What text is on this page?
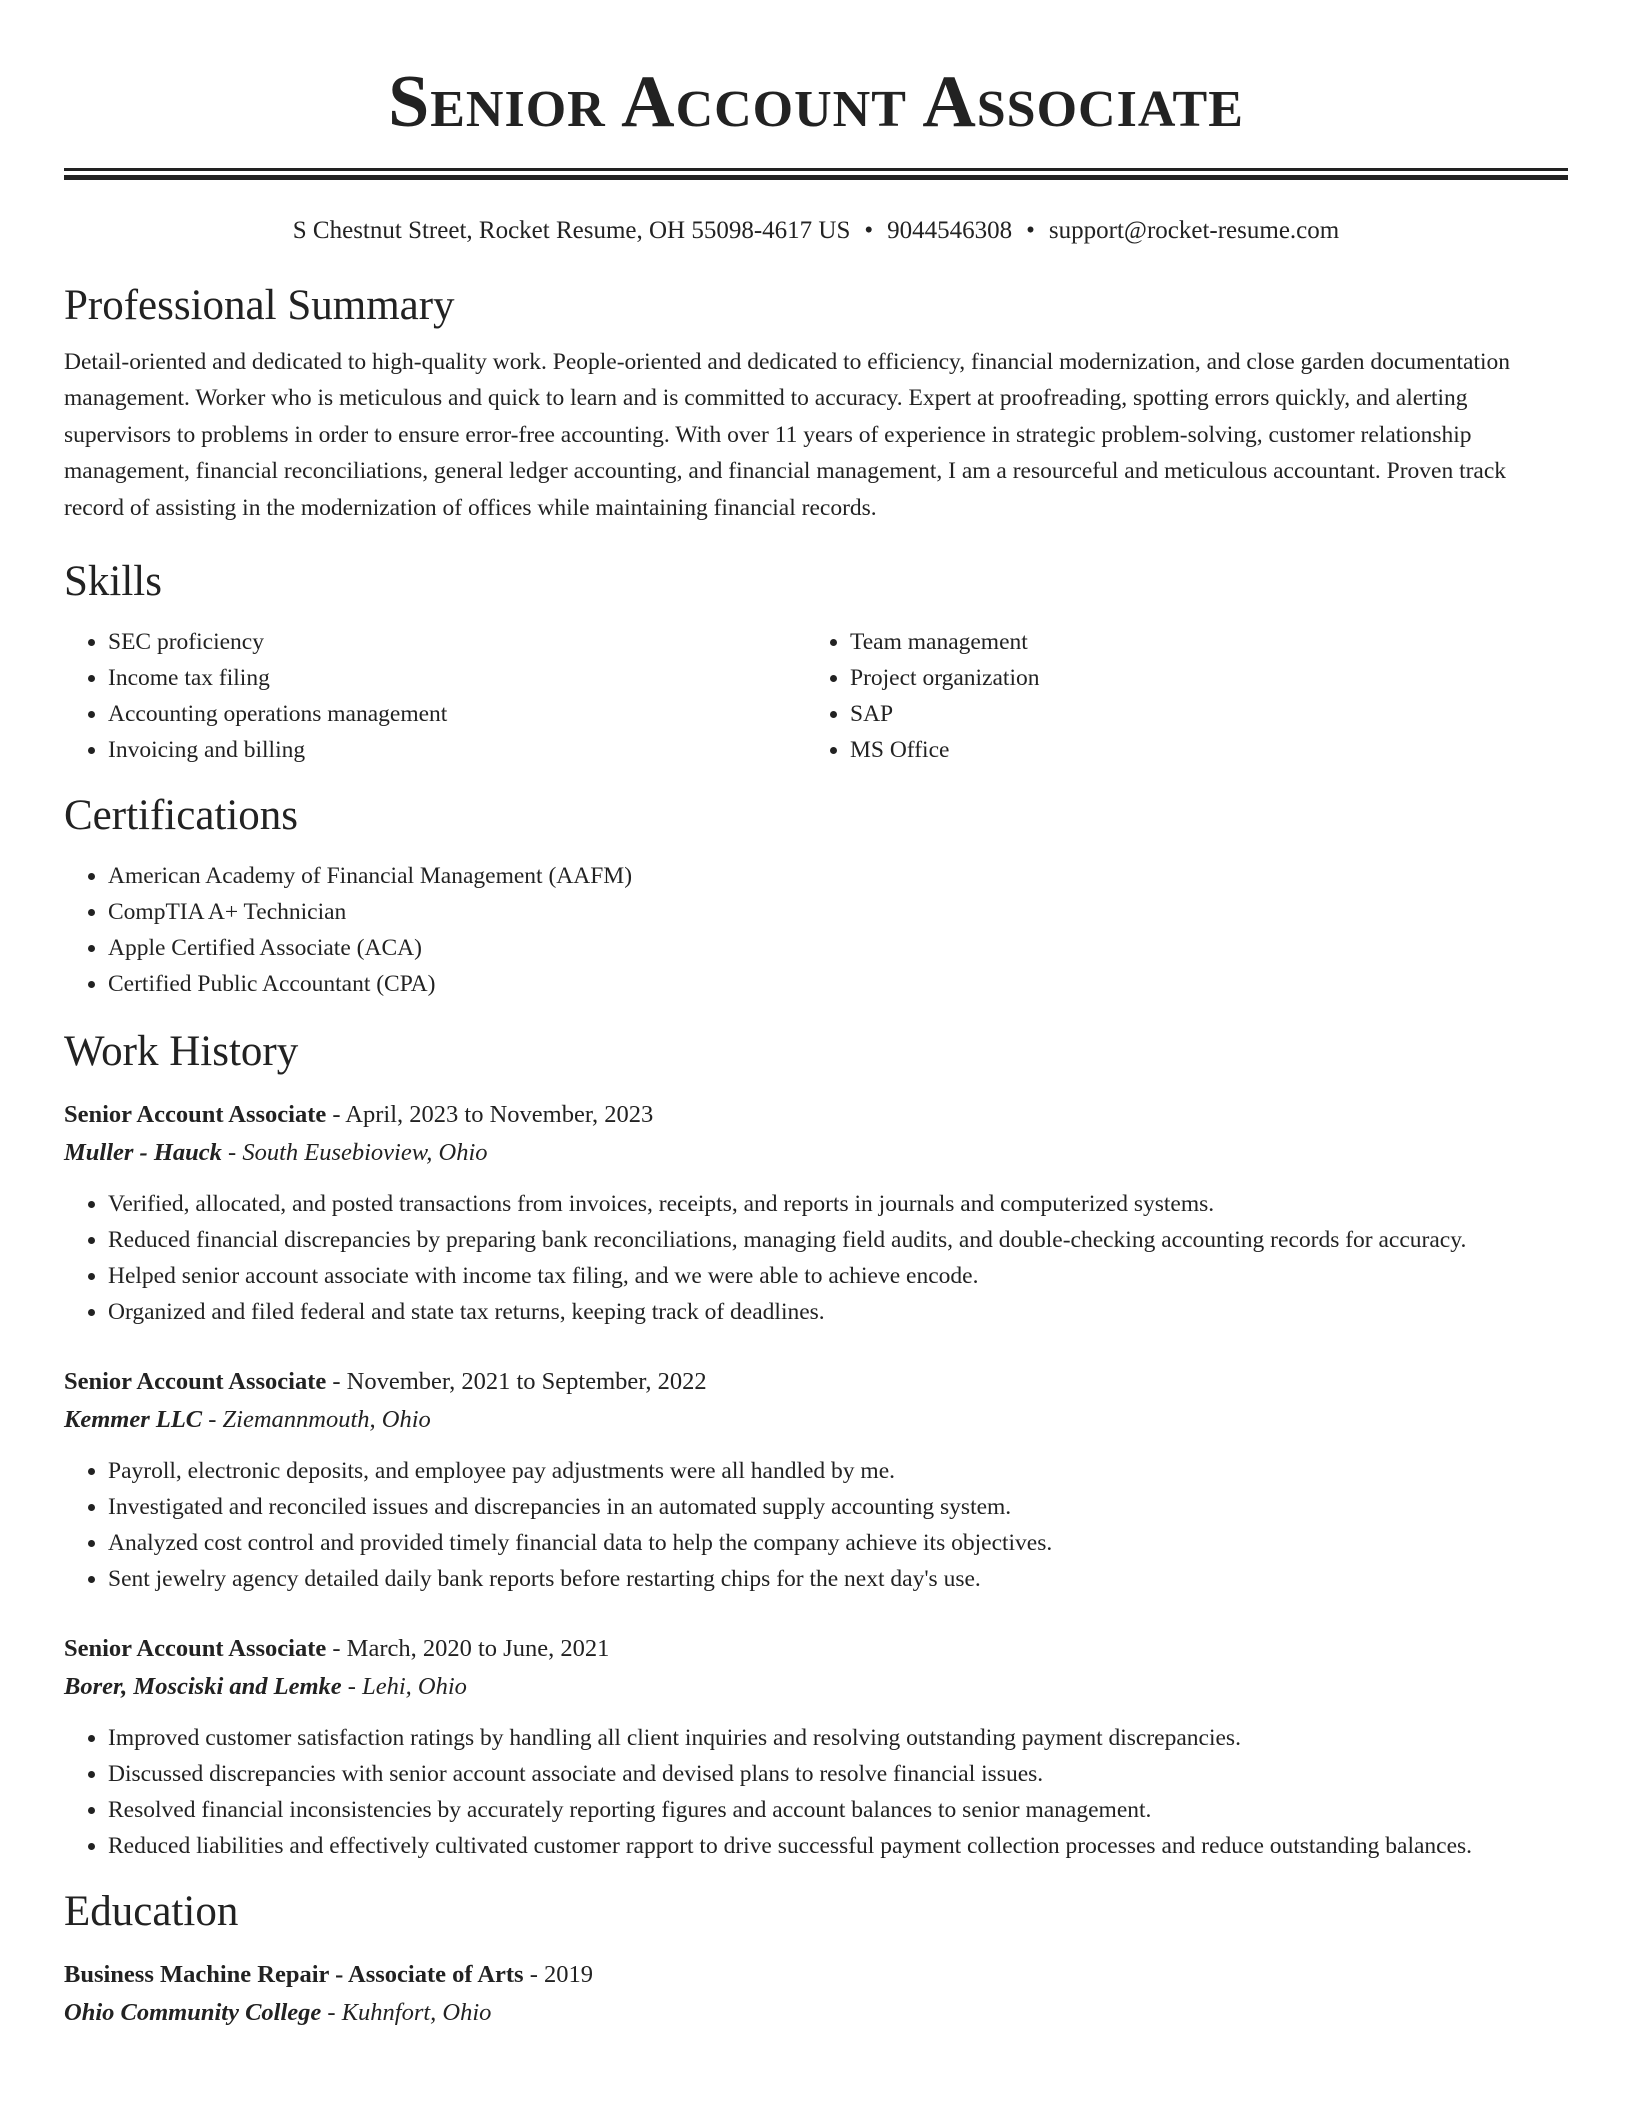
Senior Account Associate
S Chestnut Street, Rocket Resume, OH 55098-4617 US • 9044546308 • support@rocket-resume.com
Professional Summary

Detail-oriented and dedicated to high-quality work. People-oriented and dedicated to efficiency, financial modernization, and close garden documentation management. Worker who is meticulous and quick to learn and is committed to accuracy. Expert at proofreading, spotting errors quickly, and alerting supervisors to problems in order to ensure error-free accounting. With over 11 years of experience in strategic problem-solving, customer relationship management, financial reconciliations, general ledger accounting, and financial management, I am a resourceful and meticulous accountant. Proven track record of assisting in the modernization of offices while maintaining financial records.

Skills
• SEC proficiency
• Income tax filing
• Accounting operations management
• Invoicing and billing
• Team management
• Project organization
• SAP
• MS Office
Certifications
• American Academy of Financial Management (AAFM)
• CompTIA A+ Technician
• Apple Certified Associate (ACA)
• Certified Public Accountant (CPA)
Work History
Senior Account Associate - April, 2023 to November, 2023
Muller - Hauck - South Eusebioview, Ohio
• Verified, allocated, and posted transactions from invoices, receipts, and reports in journals and computerized systems.
• Reduced financial discrepancies by preparing bank reconciliations, managing field audits, and double-checking accounting records for accuracy.
• Helped senior account associate with income tax filing, and we were able to achieve encode.
• Organized and filed federal and state tax returns, keeping track of deadlines.
Senior Account Associate - November, 2021 to September, 2022
Kemmer LLC - Ziemannmouth, Ohio
• Payroll, electronic deposits, and employee pay adjustments were all handled by me.
• Investigated and reconciled issues and discrepancies in an automated supply accounting system.
• Analyzed cost control and provided timely financial data to help the company achieve its objectives.
• Sent jewelry agency detailed daily bank reports before restarting chips for the next day's use.
Senior Account Associate - March, 2020 to June, 2021
Borer, Mosciski and Lemke - Lehi, Ohio
• Improved customer satisfaction ratings by handling all client inquiries and resolving outstanding payment discrepancies.
• Discussed discrepancies with senior account associate and devised plans to resolve financial issues.
• Resolved financial inconsistencies by accurately reporting figures and account balances to senior management.
• Reduced liabilities and effectively cultivated customer rapport to drive successful payment collection processes and reduce outstanding balances.
Education
Business Machine Repair - Associate of Arts - 2019
Ohio Community College - Kuhnfort, Ohio
